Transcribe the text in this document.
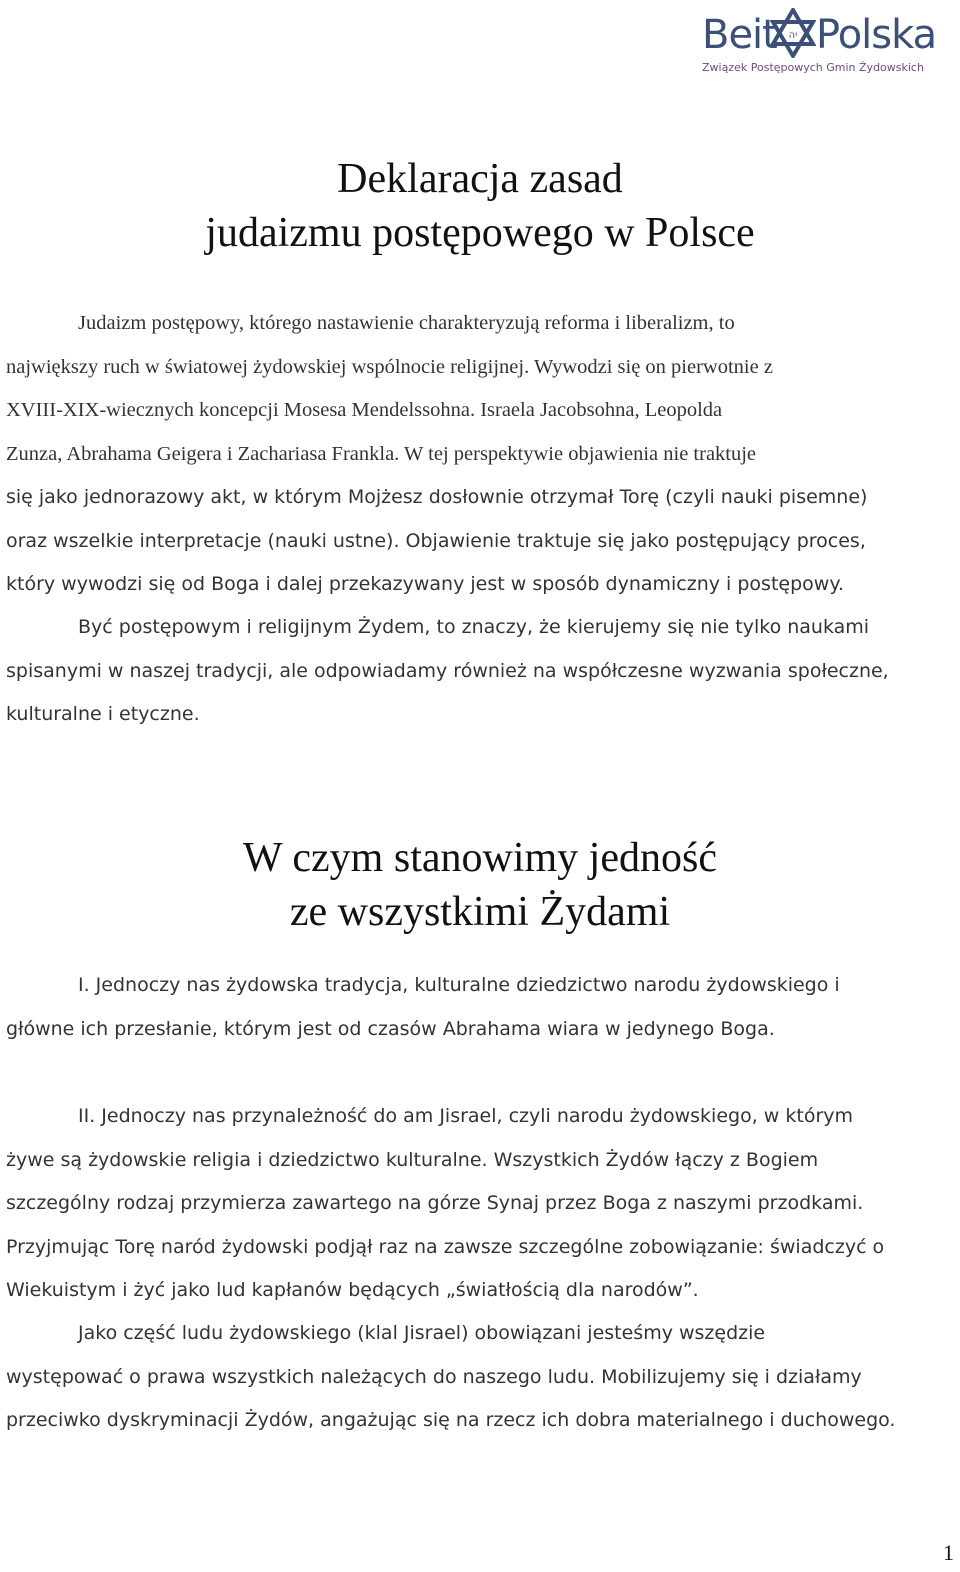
Beit יה Polska
Związek Postępowych Gmin Żydowskich
Deklaracja zasad
judaizmu postępowego w Polsce

Judaizm postępowy, którego nastawienie charakteryzują reforma i liberalizm, to
największy ruch w światowej żydowskiej wspólnocie religijnej. Wywodzi się on pierwotnie z
XVIII-XIX-wiecznych koncepcji Mosesa Mendelssohna. Israela Jacobsohna, Leopolda
Zunza, Abrahama Geigera i Zachariasa Frankla. W tej perspektywie objawienia nie traktuje
się jako jednorazowy akt, w którym Mojżesz dosłownie otrzymał Torę (czyli nauki pisemne)
oraz wszelkie interpretacje (nauki ustne). Objawienie traktuje się jako postępujący proces,
który wywodzi się od Boga i dalej przekazywany jest w sposób dynamiczny i postępowy.

Być postępowym i religijnym Żydem, to znaczy, że kierujemy się nie tylko naukami
spisanymi w naszej tradycji, ale odpowiadamy również na współczesne wyzwania społeczne,
kulturalne i etyczne.

W czym stanowimy jedność
ze wszystkimi Żydami

I. Jednoczy nas żydowska tradycja, kulturalne dziedzictwo narodu żydowskiego i
główne ich przesłanie, którym jest od czasów Abrahama wiara w jedynego Boga.

II. Jednoczy nas przynależność do am Jisrael, czyli narodu żydowskiego, w którym
żywe są żydowskie religia i dziedzictwo kulturalne. Wszystkich Żydów łączy z Bogiem
szczególny rodzaj przymierza zawartego na górze Synaj przez Boga z naszymi przodkami.
Przyjmując Torę naród żydowski podjął raz na zawsze szczególne zobowiązanie: świadczyć o
Wiekuistym i żyć jako lud kapłanów będących „światłością dla narodów”.

Jako część ludu żydowskiego (klal Jisrael) obowiązani jesteśmy wszędzie
występować o prawa wszystkich należących do naszego ludu. Mobilizujemy się i działamy
przeciwko dyskryminacji Żydów, angażując się na rzecz ich dobra materialnego i duchowego.

1
